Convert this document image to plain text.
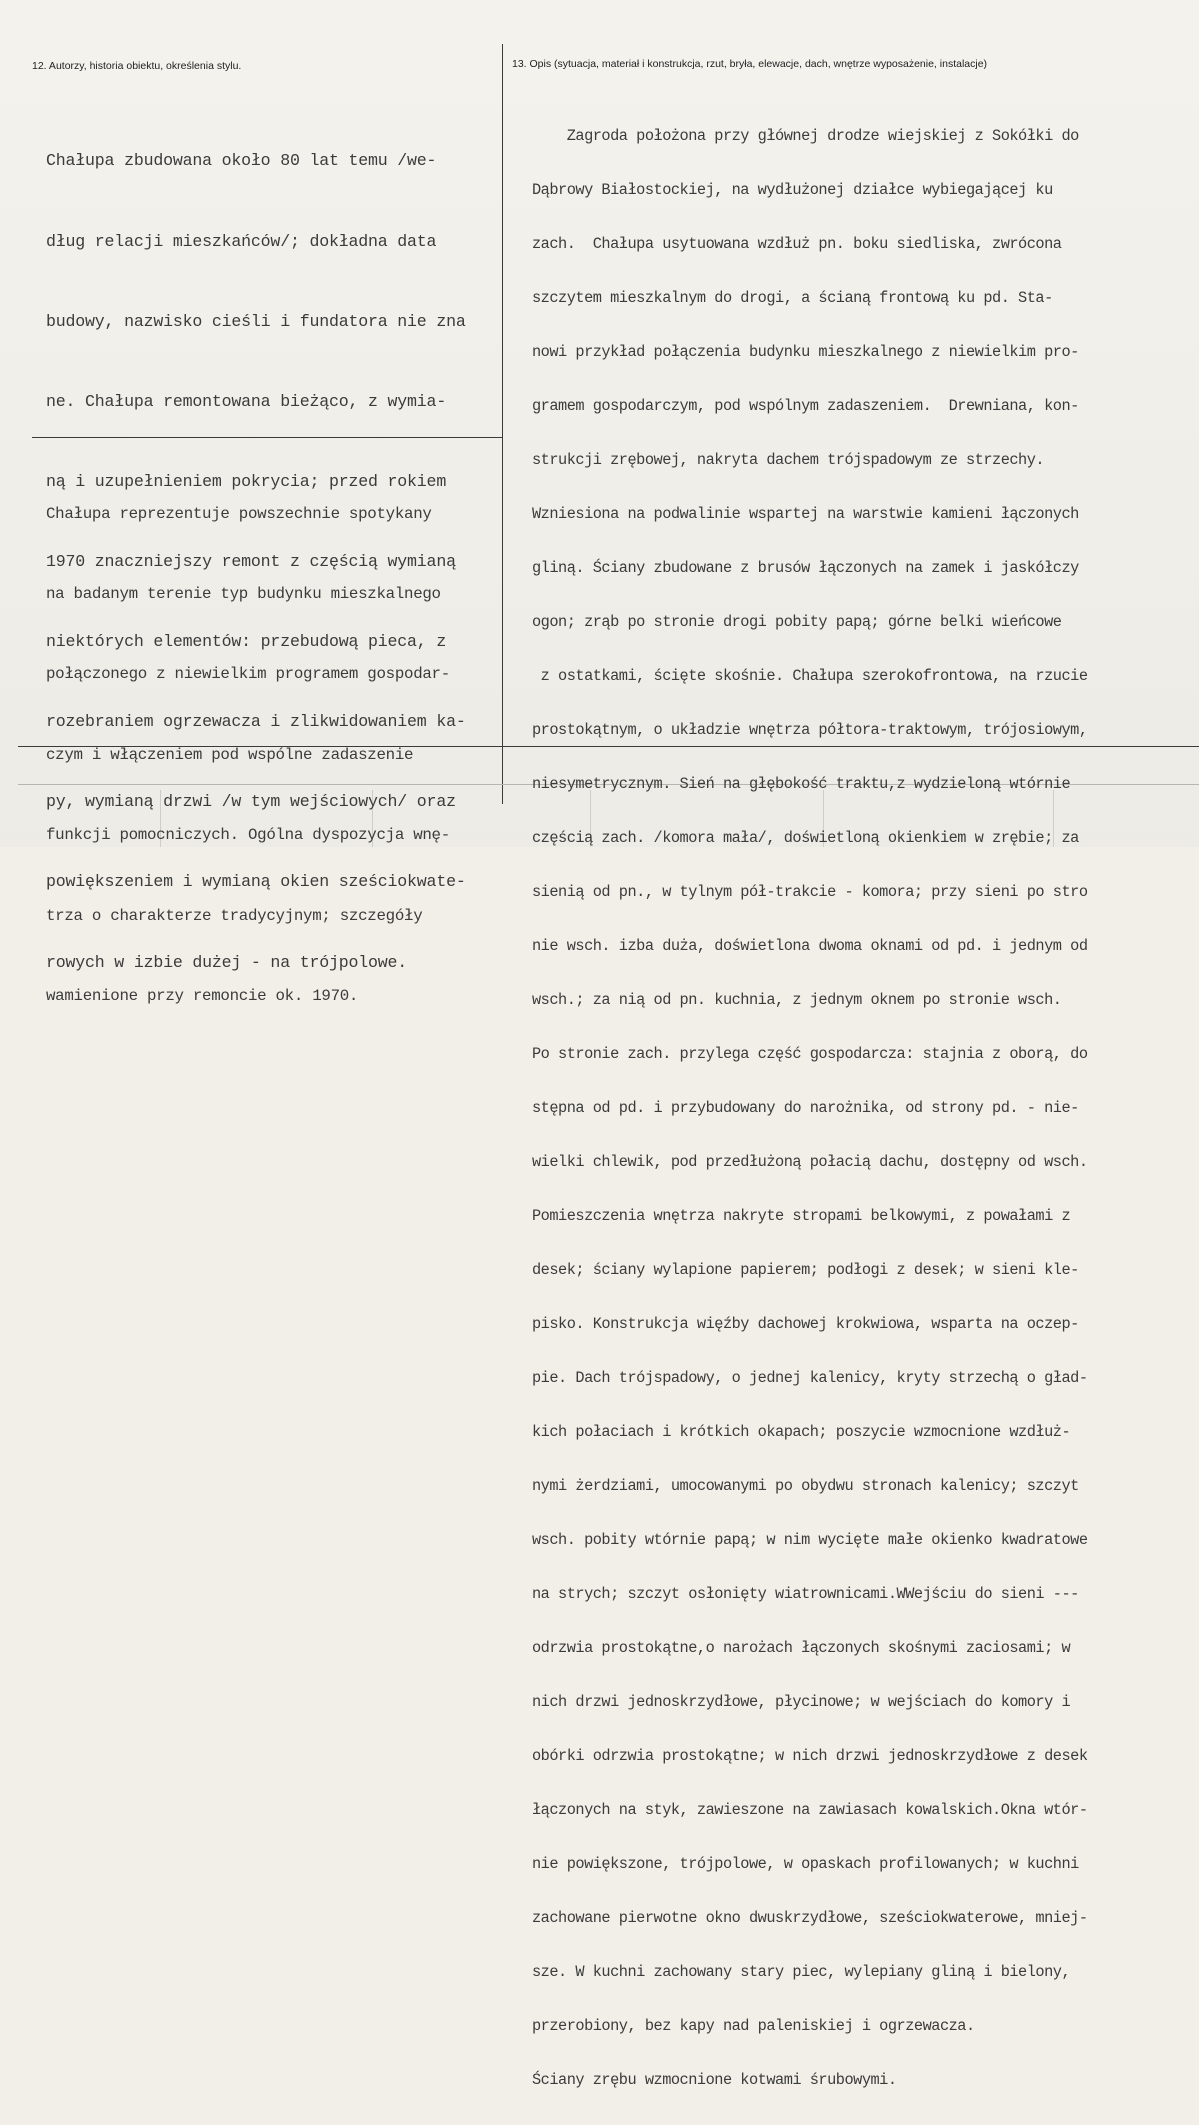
12. Autorzy, historia obiektu, określenia stylu.	13. Opis (sytuacja, materiał i konstrukcja, rzut, bryła, elewacje, dach, wnętrze wyposażenie, instalacje)

Chałupa zbudowana około 80 lat temu /we-

dług relacji mieszkańców/; dokładna data

budowy, nazwisko cieśli i fundatora nie zna

ne. Chałupa remontowana bieżąco, z wymia-

ną i uzupełnieniem pokrycia; przed rokiem

1970 znaczniejszy remont z częścią wymianą

niektórych elementów: przebudową pieca, z

rozebraniem ogrzewacza i zlikwidowaniem ka-

py, wymianą drzwi /w tym wejściowych/ oraz

powiększeniem i wymianą okien sześciokwate-

rowych w izbie dużej - na trójpolowe.

Chałupa reprezentuje powszechnie spotykany

na badanym terenie typ budynku mieszkalnego

połączonego z niewielkim programem gospodar-

czym i włączeniem pod wspólne zadaszenie

funkcji pomocniczych. Ogólna dyspozycja wnę-

trza o charakterze tradycyjnym; szczegóły

wamienione przy remoncie ok. 1970.

Zagroda położona przy głównej drodze wiejskiej z Sokółki do

Dąbrowy Białostockiej, na wydłużonej działce wybiegającej ku

zach.  Chałupa usytuowana wzdłuż pn. boku siedliska, zwrócona

szczytem mieszkalnym do drogi, a ścianą frontową ku pd. Sta-

nowi przykład połączenia budynku mieszkalnego z niewielkim pro-

gramem gospodarczym, pod wspólnym zadaszeniem.  Drewniana, kon-

strukcji zrębowej, nakryta dachem trójspadowym ze strzechy.

Wzniesiona na podwalinie wspartej na warstwie kamieni łączonych

gliną. Ściany zbudowane z brusów łączonych na zamek i jaskółczy

ogon; zrąb po stronie drogi pobity papą; górne belki wieńcowe

z ostatkami, ścięte skośnie. Chałupa szerokofrontowa, na rzucie

prostokątnym, o układzie wnętrza półtora-traktowym, trójosiowym,

niesymetrycznym. Sień na głębokość traktu,z wydzieloną wtórnie

częścią zach. /komora mała/, doświetloną okienkiem w zrębie; za

sienią od pn., w tylnym pół-trakcie - komora; przy sieni po stro

nie wsch. izba duża, doświetlona dwoma oknami od pd. i jednym od

wsch.; za nią od pn. kuchnia, z jednym oknem po stronie wsch.

Po stronie zach. przylega część gospodarcza: stajnia z oborą, do

stępna od pd. i przybudowany do narożnika, od strony pd. - nie-

wielki chlewik, pod przedłużoną połacią dachu, dostępny od wsch.

Pomieszczenia wnętrza nakryte stropami belkowymi, z powałami z

desek; ściany wylapione papierem; podłogi z desek; w sieni kle-

pisko. Konstrukcja więźby dachowej krokwiowa, wsparta na oczep-

pie. Dach trójspadowy, o jednej kalenicy, kryty strzechą o gład-

kich połaciach i krótkich okapach; poszycie wzmocnione wzdłuż-

nymi żerdziami, umocowanymi po obydwu stronach kalenicy; szczyt

wsch. pobity wtórnie papą; w nim wycięte małe okienko kwadratowe

na strych; szczyt osłonięty wiatrownicami.WWejściu do sieni ---

odrzwia prostokątne,o narożach łączonych skośnymi zaciosami; w

nich drzwi jednoskrzydłowe, płycinowe; w wejściach do komory i

obórki odrzwia prostokątne; w nich drzwi jednoskrzydłowe z desek

łączonych na styk, zawieszone na zawiasach kowalskich.Okna wtór-

nie powiększone, trójpolowe, w opaskach profilowanych; w kuchni

zachowane pierwotne okno dwuskrzydłowe, sześciokwaterowe, mniej-

sze. W kuchni zachowany stary piec, wylepiany gliną i bielony,

przerobiony, bez kapy nad paleniskiej i ogrzewacza.

Ściany zrębu wzmocnione kotwami śrubowymi.
